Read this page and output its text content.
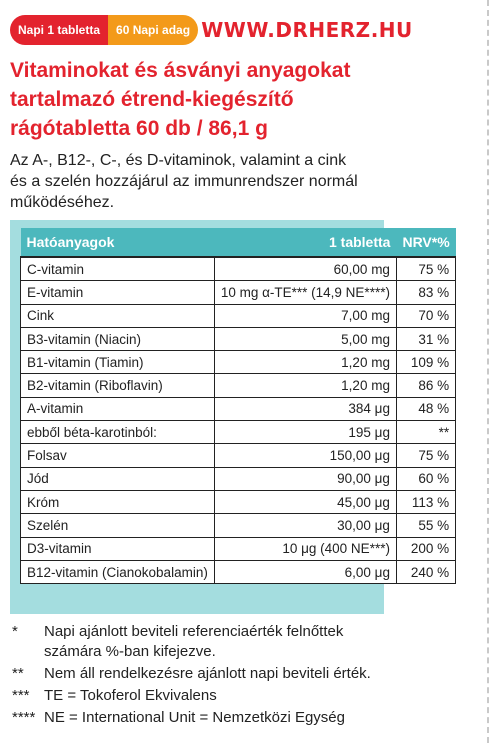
Napi 1 tabletta	60 Napi adag WWW.DRHERZ.HU
Vitaminokat és ásványi anyagokat
tartalmazó étrend-kiegészítő
rágótabletta 60 db / 86,1 g

Az A-, B12-, C-, és D-vitaminok, valamint a cink
és a szelén hozzájárul az immunrendszer normál
működéséhez.

Hatóanyagok	1 tabletta	NRV*%
C-vitamin	60,00 mg	75 %
E-vitamin	10 mg α-TE*** (14,9 NE****)	83 %
Cink	7,00 mg	70 %
B3-vitamin (Niacin)	5,00 mg	31 %
B1-vitamin (Tiamin)	1,20 mg	109 %
B2-vitamin (Riboflavin)	1,20 mg	86 %
A-vitamin	384 μg	48 %
ebből béta-karotinból:	195 μg	**
Folsav	150,00 μg	75 %
Jód	90,00 μg	60 %
Króm	45,00 μg	113 %
Szelén	30,00 μg	55 %
D3-vitamin	10 μg (400 NE***)	200 %
B12-vitamin (Cianokobalamin)	6,00 μg	240 %
* Napi ajánlott beviteli referenciaérték felnőttek
számára %-ban kifejezve.
** Nem áll rendelkezésre ajánlott napi beviteli érték.
*** TE = Tokoferol Ekvivalens
**** NE = International Unit = Nemzetközi Egység
